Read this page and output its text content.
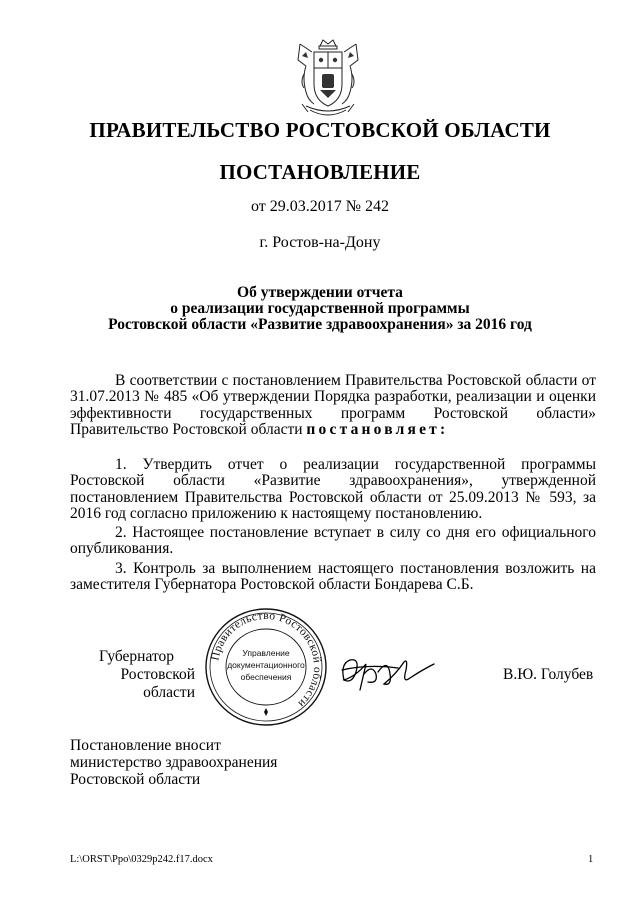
ПРАВИТЕЛЬСТВО РОСТОВСКОЙ ОБЛАСТИ
ПОСТАНОВЛЕНИЕ
от 29.03.2017 № 242
г. Ростов-на-Дону
Об утверждении отчета
о реализации государственной программы
Ростовской области «Развитие здравоохранения» за 2016 год
В соответствии с постановлением Правительства Ростовской области от 31.07.2013 № 485 «Об утверждении Порядка разработки, реализации и оценки эффективности государственных программ Ростовской области» Правительство Ростовской области постановляет:
1. Утвердить отчет о реализации государственной программы Ростовской области «Развитие здравоохранения», утвержденной постановлением Правительства Ростовской области от 25.09.2013 № 593, за 2016 год согласно приложению к настоящему постановлению.
2. Настоящее постановление вступает в силу со дня его официального опубликования.
3. Контроль за выполнением настоящего постановления возложить на заместителя Губернатора Ростовской области Бондарева С.Б.
Губернатор
Ростовской области
Правительство Ростовской области
Управление
документационного
обеспечения	В.Ю. Голубев
Постановление вносит
министерство здравоохранения
Ростовской области
L:\ORST\Ppo\0329p242.f17.docx	1
